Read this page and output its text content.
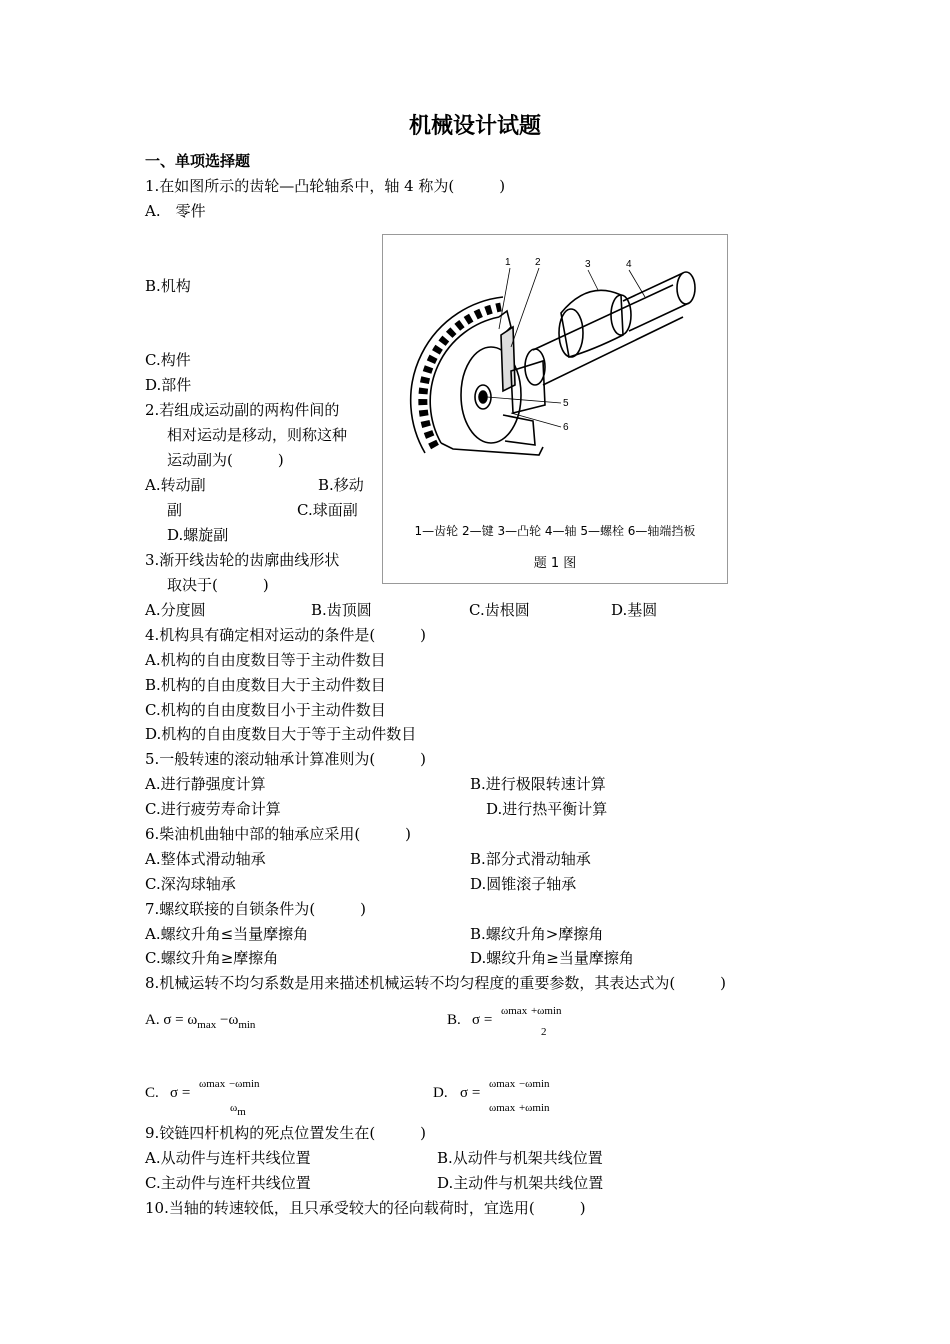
机械设计试题
一、单项选择题
1.在如图所示的齿轮—凸轮轴系中，轴 4 称为(　　　)
A.　零件
B.机构
C.构件
D.部件
1 2	3	4
5
6
1—齿轮 2—键 3—凸轮 4—轴 5—螺栓 6—轴端挡板
题 1 图
2.若组成运动副的两构件间的
相对运动是移动，则称这种
运动副为(　　　)
A.转动副	B.移动
副	C.球面副
D.螺旋副
3.渐开线齿轮的齿廓曲线形状
取决于(　　　)
A.分度圆	B.齿顶圆	C.齿根圆	D.基圆
4.机构具有确定相对运动的条件是(　　　)
A.机构的自由度数目等于主动件数目
B.机构的自由度数目大于主动件数目
C.机构的自由度数目小于主动件数目
D.机构的自由度数目大于等于主动件数目
5.一般转速的滚动轴承计算准则为(　　　)
A.进行静强度计算	B.进行极限转速计算
C.进行疲劳寿命计算	D.进行热平衡计算
6.柴油机曲轴中部的轴承应采用(　　　)
A.整体式滑动轴承	B.部分式滑动轴承
C.深沟球轴承	D.圆锥滚子轴承
7.螺纹联接的自锁条件为(　　　)
A.螺纹升角≤当量摩擦角	B.螺纹升角>摩擦角
C.螺纹升角≥摩擦角	D.螺纹升角≥当量摩擦角
8.机械运转不均匀系数是用来描述机械运转不均匀程度的重要参数，其表达式为(　　　)
A. $\sigma = \omega_{max} -\omega_{min}$	B. σ =
ωmax +ωmin
2
C. σ =
ωmax −ωmin
$\omega_m$
D. σ =
ωmax −ωmin
ωmax +ωmin
9.铰链四杆机构的死点位置发生在(　　　)
A.从动件与连杆共线位置	B.从动件与机架共线位置
C.主动件与连杆共线位置	D.主动件与机架共线位置
10.当轴的转速较低，且只承受较大的径向载荷时，宜选用(　　　)
